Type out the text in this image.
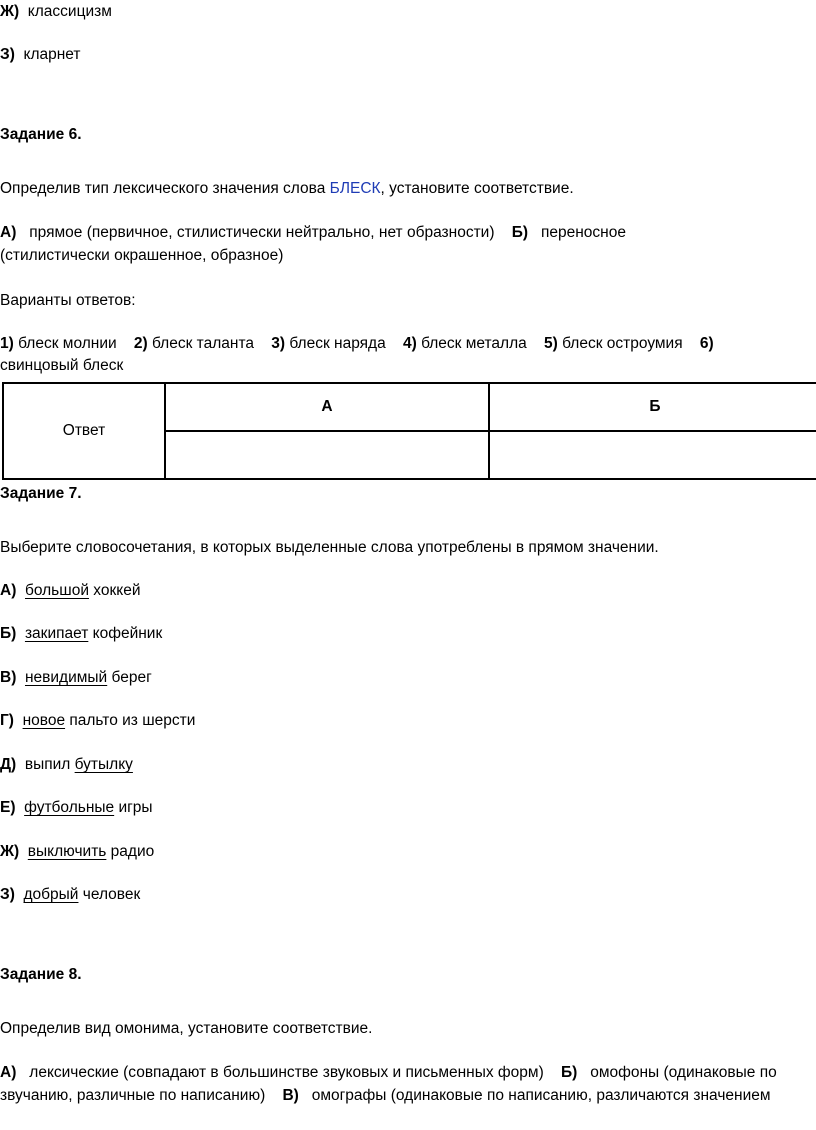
Ж) классицизм
З) кларнет
Задание 6.
Определив тип лексического значения слова БЛЕСК, установите соответствие.
А) прямое (первичное, стилистически нейтрально, нет образности) Б) переносное
(стилистически окрашенное, образное)
Варианты ответов:
1) блеск молнии 2) блеск таланта 3) блеск наряда 4) блеск металла 5) блеск остроумия 6)
свинцовый блеск
Ответ	А	Б

Задание 7.
Выберите словосочетания, в которых выделенные слова употреблены в прямом значении.
А) большой хоккей
Б) закипает кофейник
В) невидимый берег
Г) новое пальто из шерсти
Д) выпил бутылку
Е) футбольные игры
Ж) выключить радио
З) добрый человек
Задание 8.
Определив вид омонима, установите соответствие.
А) лексические (совпадают в большинстве звуковых и письменных форм) Б) омофоны (одинаковые по
звучанию, различные по написанию) В) омографы (одинаковые по написанию, различаются значением
